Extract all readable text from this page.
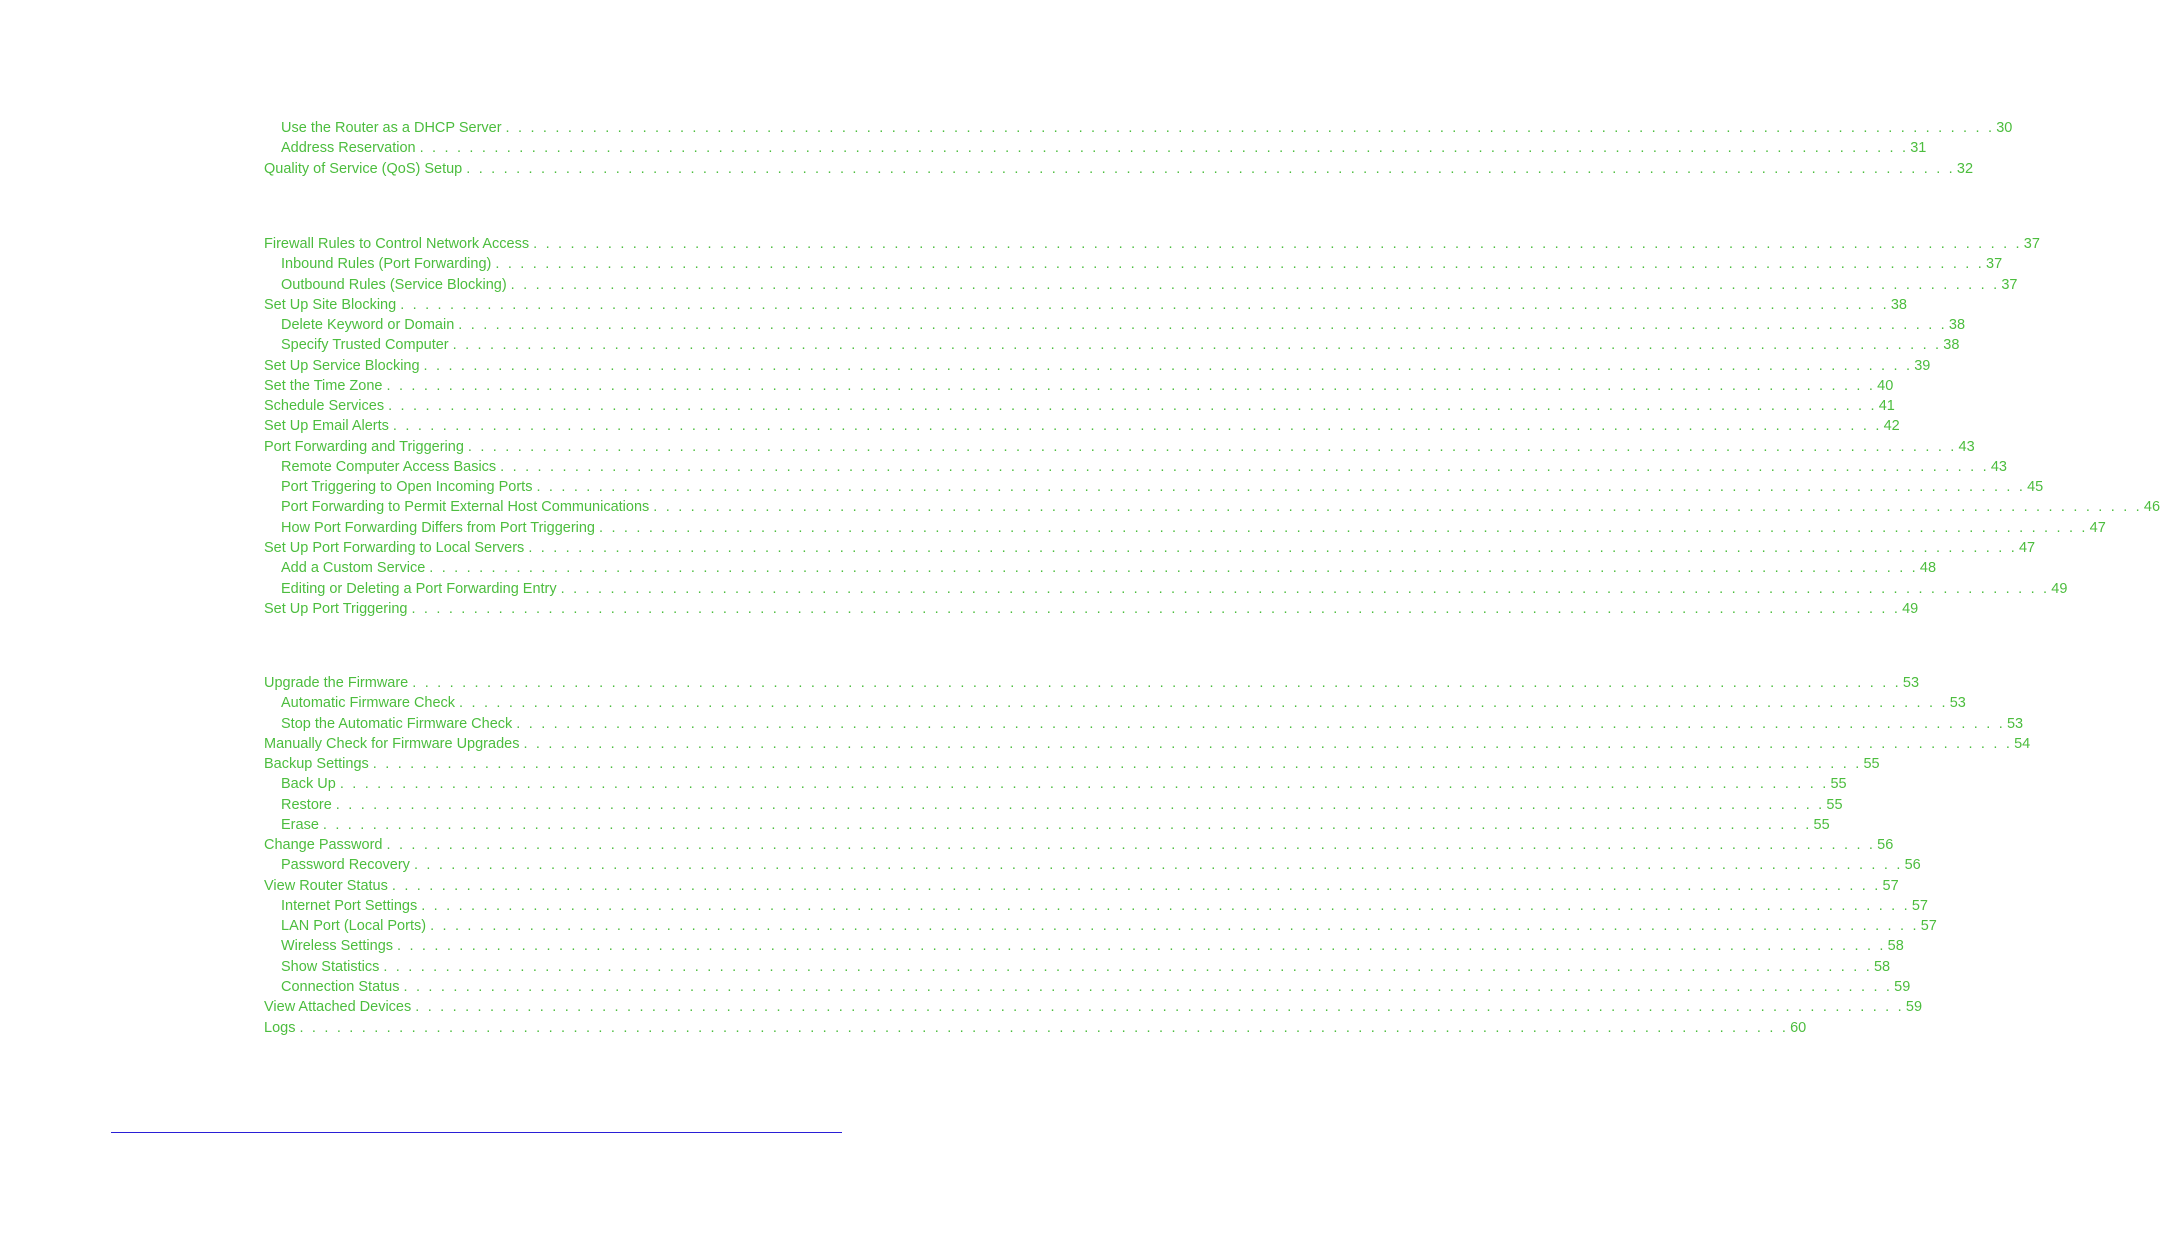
Use the Router as a DHCP Server . . . . . . . . . . . . . . . . . . . . . . . . . . . . . . . . . . . . . . . . . . . . . . . . . . . . . . . . . . . . . . . . . . . . . . . . . . . . . . . . . . . . . . . . . . . . . . . . . . . . . . . . . . . . . . . . . . . . . . . . 30
Address Reservation . . . . . . . . . . . . . . . . . . . . . . . . . . . . . . . . . . . . . . . . . . . . . . . . . . . . . . . . . . . . . . . . . . . . . . . . . . . . . . . . . . . . . . . . . . . . . . . . . . . . . . . . . . . . . . . . . . . . . . . . 31
Quality of Service (QoS) Setup . . . . . . . . . . . . . . . . . . . . . . . . . . . . . . . . . . . . . . . . . . . . . . . . . . . . . . . . . . . . . . . . . . . . . . . . . . . . . . . . . . . . . . . . . . . . . . . . . . . . . . . . . . . . . . . . . . . . . . . . 32
Firewall Rules to Control Network Access . . . . . . . . . . . . . . . . . . . . . . . . . . . . . . . . . . . . . . . . . . . . . . . . . . . . . . . . . . . . . . . . . . . . . . . . . . . . . . . . . . . . . . . . . . . . . . . . . . . . . . . . . . . . . . . . . . . . . . . . 37
Inbound Rules (Port Forwarding) . . . . . . . . . . . . . . . . . . . . . . . . . . . . . . . . . . . . . . . . . . . . . . . . . . . . . . . . . . . . . . . . . . . . . . . . . . . . . . . . . . . . . . . . . . . . . . . . . . . . . . . . . . . . . . . . . . . . . . . . 37
Outbound Rules (Service Blocking) . . . . . . . . . . . . . . . . . . . . . . . . . . . . . . . . . . . . . . . . . . . . . . . . . . . . . . . . . . . . . . . . . . . . . . . . . . . . . . . . . . . . . . . . . . . . . . . . . . . . . . . . . . . . . . . . . . . . . . . . 37
Set Up Site Blocking . . . . . . . . . . . . . . . . . . . . . . . . . . . . . . . . . . . . . . . . . . . . . . . . . . . . . . . . . . . . . . . . . . . . . . . . . . . . . . . . . . . . . . . . . . . . . . . . . . . . . . . . . . . . . . . . . . . . . . . . 38
Delete Keyword or Domain . . . . . . . . . . . . . . . . . . . . . . . . . . . . . . . . . . . . . . . . . . . . . . . . . . . . . . . . . . . . . . . . . . . . . . . . . . . . . . . . . . . . . . . . . . . . . . . . . . . . . . . . . . . . . . . . . . . . . . . . 38
Specify Trusted Computer . . . . . . . . . . . . . . . . . . . . . . . . . . . . . . . . . . . . . . . . . . . . . . . . . . . . . . . . . . . . . . . . . . . . . . . . . . . . . . . . . . . . . . . . . . . . . . . . . . . . . . . . . . . . . . . . . . . . . . . . 38
Set Up Service Blocking . . . . . . . . . . . . . . . . . . . . . . . . . . . . . . . . . . . . . . . . . . . . . . . . . . . . . . . . . . . . . . . . . . . . . . . . . . . . . . . . . . . . . . . . . . . . . . . . . . . . . . . . . . . . . . . . . . . . . . . . 39
Set the Time Zone . . . . . . . . . . . . . . . . . . . . . . . . . . . . . . . . . . . . . . . . . . . . . . . . . . . . . . . . . . . . . . . . . . . . . . . . . . . . . . . . . . . . . . . . . . . . . . . . . . . . . . . . . . . . . . . . . . . . . . . . 40
Schedule Services . . . . . . . . . . . . . . . . . . . . . . . . . . . . . . . . . . . . . . . . . . . . . . . . . . . . . . . . . . . . . . . . . . . . . . . . . . . . . . . . . . . . . . . . . . . . . . . . . . . . . . . . . . . . . . . . . . . . . . . . 41
Set Up Email Alerts . . . . . . . . . . . . . . . . . . . . . . . . . . . . . . . . . . . . . . . . . . . . . . . . . . . . . . . . . . . . . . . . . . . . . . . . . . . . . . . . . . . . . . . . . . . . . . . . . . . . . . . . . . . . . . . . . . . . . . . . 42
Port Forwarding and Triggering . . . . . . . . . . . . . . . . . . . . . . . . . . . . . . . . . . . . . . . . . . . . . . . . . . . . . . . . . . . . . . . . . . . . . . . . . . . . . . . . . . . . . . . . . . . . . . . . . . . . . . . . . . . . . . . . . . . . . . . . 43
Remote Computer Access Basics . . . . . . . . . . . . . . . . . . . . . . . . . . . . . . . . . . . . . . . . . . . . . . . . . . . . . . . . . . . . . . . . . . . . . . . . . . . . . . . . . . . . . . . . . . . . . . . . . . . . . . . . . . . . . . . . . . . . . . . . 43
Port Triggering to Open Incoming Ports . . . . . . . . . . . . . . . . . . . . . . . . . . . . . . . . . . . . . . . . . . . . . . . . . . . . . . . . . . . . . . . . . . . . . . . . . . . . . . . . . . . . . . . . . . . . . . . . . . . . . . . . . . . . . . . . . . . . . . . . 45
Port Forwarding to Permit External Host Communications . . . . . . . . . . . . . . . . . . . . . . . . . . . . . . . . . . . . . . . . . . . . . . . . . . . . . . . . . . . . . . . . . . . . . . . . . . . . . . . . . . . . . . . . . . . . . . . . . . . . . . . . . . . . . . . . . . . . . . . . 46
How Port Forwarding Differs from Port Triggering . . . . . . . . . . . . . . . . . . . . . . . . . . . . . . . . . . . . . . . . . . . . . . . . . . . . . . . . . . . . . . . . . . . . . . . . . . . . . . . . . . . . . . . . . . . . . . . . . . . . . . . . . . . . . . . . . . . . . . . . 47
Set Up Port Forwarding to Local Servers . . . . . . . . . . . . . . . . . . . . . . . . . . . . . . . . . . . . . . . . . . . . . . . . . . . . . . . . . . . . . . . . . . . . . . . . . . . . . . . . . . . . . . . . . . . . . . . . . . . . . . . . . . . . . . . . . . . . . . . . 47
Add a Custom Service . . . . . . . . . . . . . . . . . . . . . . . . . . . . . . . . . . . . . . . . . . . . . . . . . . . . . . . . . . . . . . . . . . . . . . . . . . . . . . . . . . . . . . . . . . . . . . . . . . . . . . . . . . . . . . . . . . . . . . . . 48
Editing or Deleting a Port Forwarding Entry . . . . . . . . . . . . . . . . . . . . . . . . . . . . . . . . . . . . . . . . . . . . . . . . . . . . . . . . . . . . . . . . . . . . . . . . . . . . . . . . . . . . . . . . . . . . . . . . . . . . . . . . . . . . . . . . . . . . . . . . 49
Set Up Port Triggering . . . . . . . . . . . . . . . . . . . . . . . . . . . . . . . . . . . . . . . . . . . . . . . . . . . . . . . . . . . . . . . . . . . . . . . . . . . . . . . . . . . . . . . . . . . . . . . . . . . . . . . . . . . . . . . . . . . . . . . . 49
Upgrade the Firmware . . . . . . . . . . . . . . . . . . . . . . . . . . . . . . . . . . . . . . . . . . . . . . . . . . . . . . . . . . . . . . . . . . . . . . . . . . . . . . . . . . . . . . . . . . . . . . . . . . . . . . . . . . . . . . . . . . . . . . . . 53
Automatic Firmware Check . . . . . . . . . . . . . . . . . . . . . . . . . . . . . . . . . . . . . . . . . . . . . . . . . . . . . . . . . . . . . . . . . . . . . . . . . . . . . . . . . . . . . . . . . . . . . . . . . . . . . . . . . . . . . . . . . . . . . . . . 53
Stop the Automatic Firmware Check . . . . . . . . . . . . . . . . . . . . . . . . . . . . . . . . . . . . . . . . . . . . . . . . . . . . . . . . . . . . . . . . . . . . . . . . . . . . . . . . . . . . . . . . . . . . . . . . . . . . . . . . . . . . . . . . . . . . . . . . 53
Manually Check for Firmware Upgrades . . . . . . . . . . . . . . . . . . . . . . . . . . . . . . . . . . . . . . . . . . . . . . . . . . . . . . . . . . . . . . . . . . . . . . . . . . . . . . . . . . . . . . . . . . . . . . . . . . . . . . . . . . . . . . . . . . . . . . . . 54
Backup Settings . . . . . . . . . . . . . . . . . . . . . . . . . . . . . . . . . . . . . . . . . . . . . . . . . . . . . . . . . . . . . . . . . . . . . . . . . . . . . . . . . . . . . . . . . . . . . . . . . . . . . . . . . . . . . . . . . . . . . . . . 55
Back Up . . . . . . . . . . . . . . . . . . . . . . . . . . . . . . . . . . . . . . . . . . . . . . . . . . . . . . . . . . . . . . . . . . . . . . . . . . . . . . . . . . . . . . . . . . . . . . . . . . . . . . . . . . . . . . . . . . . . . . . . 55
Restore . . . . . . . . . . . . . . . . . . . . . . . . . . . . . . . . . . . . . . . . . . . . . . . . . . . . . . . . . . . . . . . . . . . . . . . . . . . . . . . . . . . . . . . . . . . . . . . . . . . . . . . . . . . . . . . . . . . . . . . . 55
Erase . . . . . . . . . . . . . . . . . . . . . . . . . . . . . . . . . . . . . . . . . . . . . . . . . . . . . . . . . . . . . . . . . . . . . . . . . . . . . . . . . . . . . . . . . . . . . . . . . . . . . . . . . . . . . . . . . . . . . . . . 55
Change Password . . . . . . . . . . . . . . . . . . . . . . . . . . . . . . . . . . . . . . . . . . . . . . . . . . . . . . . . . . . . . . . . . . . . . . . . . . . . . . . . . . . . . . . . . . . . . . . . . . . . . . . . . . . . . . . . . . . . . . . . 56
Password Recovery . . . . . . . . . . . . . . . . . . . . . . . . . . . . . . . . . . . . . . . . . . . . . . . . . . . . . . . . . . . . . . . . . . . . . . . . . . . . . . . . . . . . . . . . . . . . . . . . . . . . . . . . . . . . . . . . . . . . . . . . 56
View Router Status . . . . . . . . . . . . . . . . . . . . . . . . . . . . . . . . . . . . . . . . . . . . . . . . . . . . . . . . . . . . . . . . . . . . . . . . . . . . . . . . . . . . . . . . . . . . . . . . . . . . . . . . . . . . . . . . . . . . . . . . 57
Internet Port Settings . . . . . . . . . . . . . . . . . . . . . . . . . . . . . . . . . . . . . . . . . . . . . . . . . . . . . . . . . . . . . . . . . . . . . . . . . . . . . . . . . . . . . . . . . . . . . . . . . . . . . . . . . . . . . . . . . . . . . . . . 57
LAN Port (Local Ports) . . . . . . . . . . . . . . . . . . . . . . . . . . . . . . . . . . . . . . . . . . . . . . . . . . . . . . . . . . . . . . . . . . . . . . . . . . . . . . . . . . . . . . . . . . . . . . . . . . . . . . . . . . . . . . . . . . . . . . . . 57
Wireless Settings . . . . . . . . . . . . . . . . . . . . . . . . . . . . . . . . . . . . . . . . . . . . . . . . . . . . . . . . . . . . . . . . . . . . . . . . . . . . . . . . . . . . . . . . . . . . . . . . . . . . . . . . . . . . . . . . . . . . . . . . 58
Show Statistics . . . . . . . . . . . . . . . . . . . . . . . . . . . . . . . . . . . . . . . . . . . . . . . . . . . . . . . . . . . . . . . . . . . . . . . . . . . . . . . . . . . . . . . . . . . . . . . . . . . . . . . . . . . . . . . . . . . . . . . . 58
Connection Status . . . . . . . . . . . . . . . . . . . . . . . . . . . . . . . . . . . . . . . . . . . . . . . . . . . . . . . . . . . . . . . . . . . . . . . . . . . . . . . . . . . . . . . . . . . . . . . . . . . . . . . . . . . . . . . . . . . . . . . . 59
View Attached Devices . . . . . . . . . . . . . . . . . . . . . . . . . . . . . . . . . . . . . . . . . . . . . . . . . . . . . . . . . . . . . . . . . . . . . . . . . . . . . . . . . . . . . . . . . . . . . . . . . . . . . . . . . . . . . . . . . . . . . . . . 59
Logs . . . . . . . . . . . . . . . . . . . . . . . . . . . . . . . . . . . . . . . . . . . . . . . . . . . . . . . . . . . . . . . . . . . . . . . . . . . . . . . . . . . . . . . . . . . . . . . . . . . . . . . . . . . . . . . . . . . . . . . . 60
